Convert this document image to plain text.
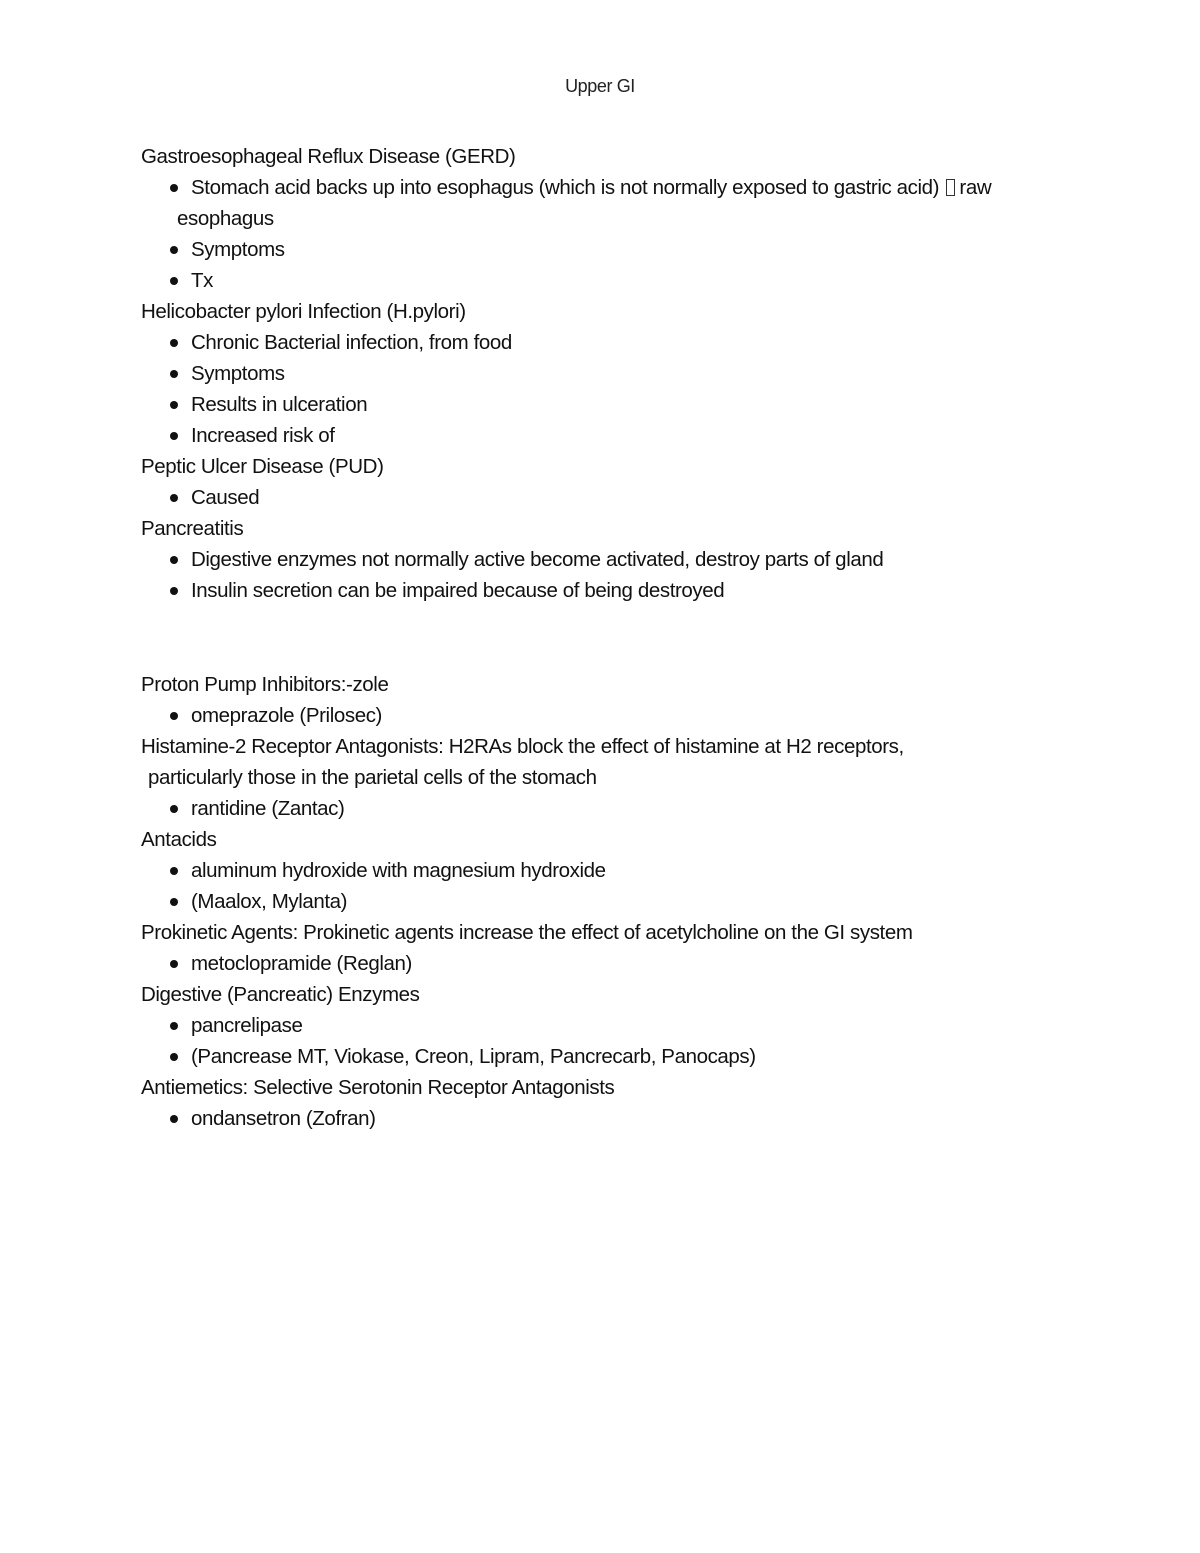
Upper GI
Gastroesophageal Reflux Disease (GERD)
Stomach acid backs up into esophagus (which is not normally exposed to gastric acid) raw
esophagus
Symptoms
Tx
Helicobacter pylori Infection (H.pylori)
Chronic Bacterial infection, from food
Symptoms
Results in ulceration
Increased risk of
Peptic Ulcer Disease (PUD)
Caused
Pancreatitis
Digestive enzymes not normally active become activated, destroy parts of gland
Insulin secretion can be impaired because of being destroyed
Proton Pump Inhibitors:-zole
omeprazole (Prilosec)
Histamine-2 Receptor Antagonists: H2RAs block the effect of histamine at H2 receptors,
particularly those in the parietal cells of the stomach
rantidine (Zantac)
Antacids
aluminum hydroxide with magnesium hydroxide
(Maalox, Mylanta)
Prokinetic Agents: Prokinetic agents increase the effect of acetylcholine on the GI system
metoclopramide (Reglan)
Digestive (Pancreatic) Enzymes
pancrelipase
(Pancrease MT, Viokase, Creon, Lipram, Pancrecarb, Panocaps)
Antiemetics: Selective Serotonin Receptor Antagonists
ondansetron (Zofran)
